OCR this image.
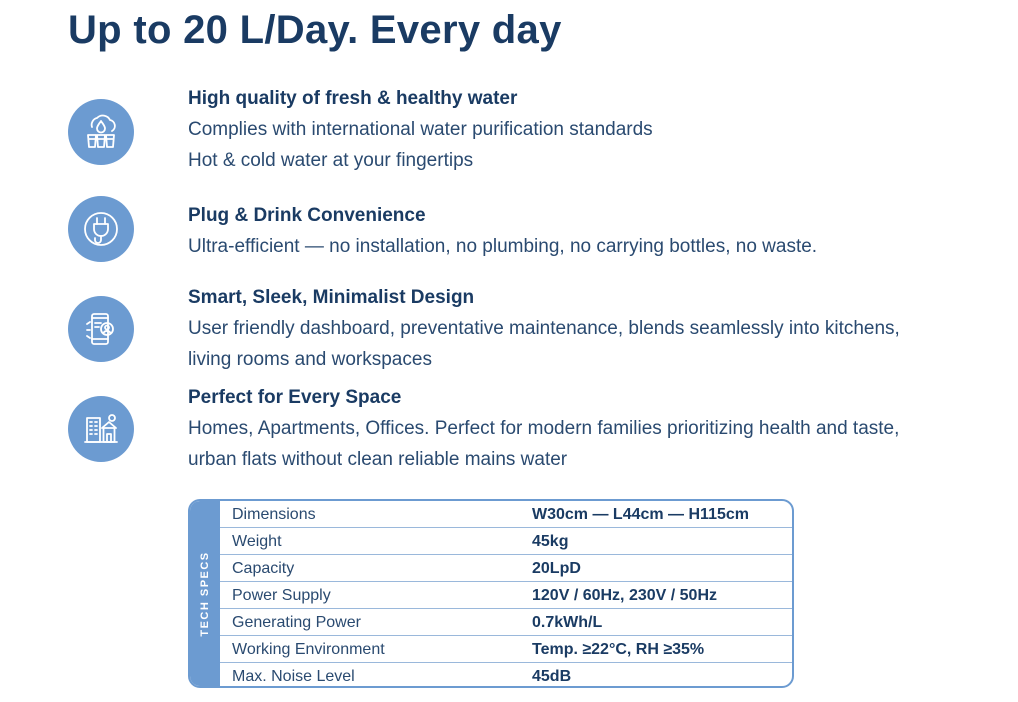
Up to 20 L/Day. Every day
High quality of fresh & healthy water
Complies with international water purification standards
Hot & cold water at your fingertips
Plug & Drink Convenience
Ultra-efficient — no installation, no plumbing, no carrying bottles, no waste.
Smart, Sleek, Minimalist Design
User friendly dashboard, preventative maintenance, blends seamlessly into kitchens,
living rooms and workspaces
Perfect for Every Space
Homes, Apartments, Offices. Perfect for modern families prioritizing health and taste,
urban flats without clean reliable mains water
TECH SPECS
Dimensions	W30cm — L44cm — H115cm
Weight	45kg
Capacity	20LpD
Power Supply	120V / 60Hz, 230V / 50Hz
Generating Power	0.7kWh/L
Working Environment	Temp. ≥22°C, RH ≥35%
Max. Noise Level	45dB
